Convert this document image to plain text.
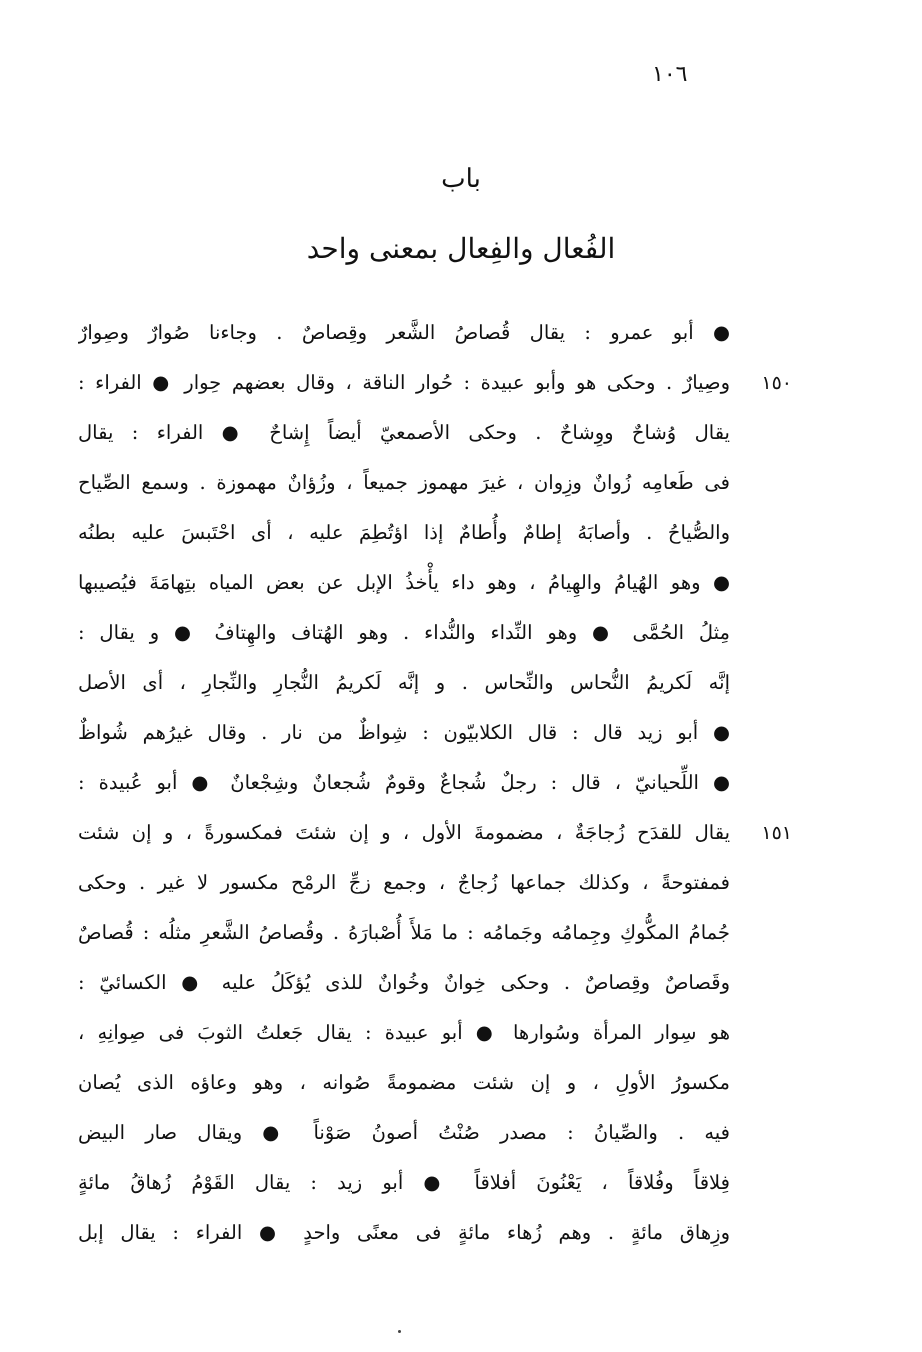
١٠٦
باب
الفُعال والفِعال بمعنى واحد
١٥٠
١٥١
● أبو عمرو : يقال قُصاصُ الشَّعر وقِصاصٌ . وجاءنا صُوارٌ وصِوارٌ
وصِيارٌ . وحكى هو وأبو عبيدة : حُوار الناقة ، وقال بعضهم حِوار ● الفراء :
يقال وُشاحٌ ووِشاحٌ . وحكى الأصمعيّ أيضاً إِشاحٌ ● الفراء : يقال
فى طَعامِه زُوانٌ وزِوان ، غيرَ مهموز جميعاً ، وزُؤانٌ مهموزة . وسمع الصِّياح
والصُّياحُ . وأصابَهُ إطامٌ وأُطامٌ إذا اؤتُطِمَ عليه ، أى احْتَبسَ عليه بطنُه
● وهو الهُيامُ والهِيامُ ، وهو داء يأْخذُ الإبل عن بعض المياه بتِهامَةَ فيُصيبها
مِثلُ الحُمَّى ● وهو النِّداء والنُّداء . وهو الهُتاف والهِتافُ ● و يقال :
إنَّه لَكريمُ النُّحاس والنِّحاس . و إنَّه لَكريمُ النُّجارِ والنِّجارِ ، أى الأصل
● أبو زيد قال : قال الكلابيّون : شِواظٌ من نار . وقال غيرُهم شُواظٌ
● اللِّحيانيّ ، قال : رجلٌ شُجاعٌ وقومٌ شُجعانٌ وشِجْعانٌ ● أبو عُبيدة :
يقال للقدَح زُجاجَةٌ ، مضمومةَ الأول ، و إن شئتَ فمكسورةً ، و إن شئت
فمفتوحةً ، وكذلك جماعها زُجاجٌ ، وجمع زجِّ الرمْح مكسور لا غير . وحكى
جُمامُ المكُّوكِ وجِمامُه وجَمامُه : ما مَلأَ أُصْبارَهُ . وقُصاصُ الشَّعرِ مثلُه : قُصاصٌ
وقَصاصٌ وقِصاصٌ . وحكى خِوانٌ وخُوانٌ للذى يُؤكَلُ عليه ● الكسائيّ :
هو سِوار المرأة وسُوارها ● أبو عبيدة : يقال جَعلتُ الثوبَ فى صِوانِهِ ،
مكسورُ الأولِ ، و إن شئت مضمومةً صُوانه ، وهو وعاؤه الذى يُصان
فيه . والصِّيانُ : مصدر صُنْتُ أصونُ صَوْناً ● ويقال صار البيض
فِلاقاً وفُلاقاً ، يَعْنُونَ أفلاقاً ● أبو زيد : يقال القَوْمُ زُهاقُ مائةٍ
وزِهاق مائةٍ . وهم زُهاء مائةٍ فى معنًى واحدٍ ● الفراء : يقال إبل
